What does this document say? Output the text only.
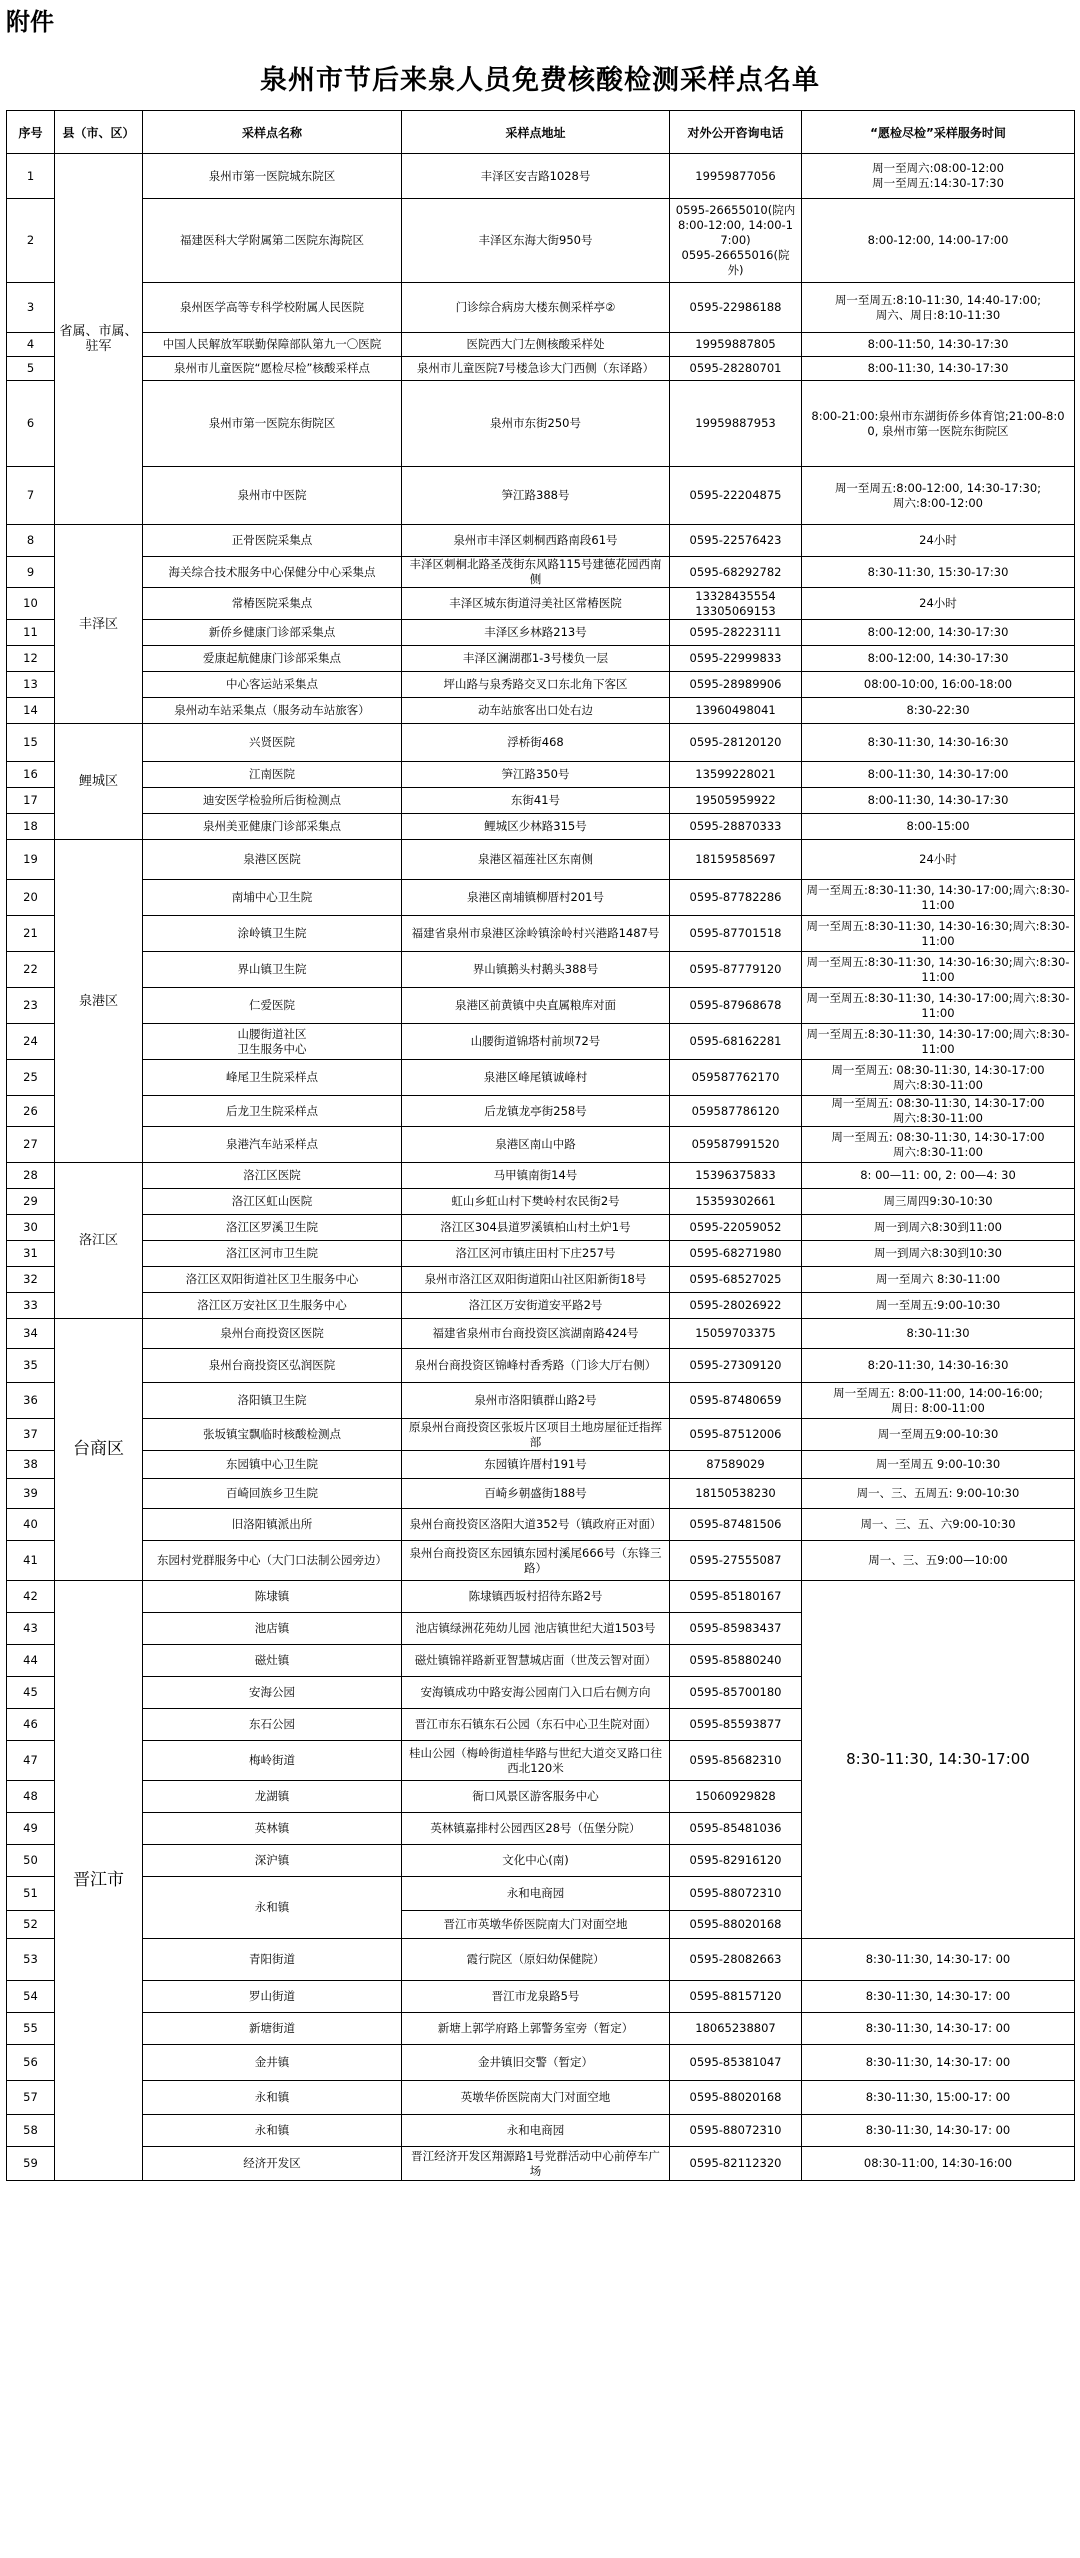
附件
泉州市节后来泉人员免费核酸检测采样点名单
序号	县（市、区）	采样点名称	采样点地址	对外公开咨询电话	“愿检尽检”采样服务时间
1	省属、市属、驻军	泉州市第一医院城东院区	丰泽区安吉路1028号	19959877056	周一至周六:08:00-12:00
周一至周五:14:30-17:30
2		福建医科大学附属第二医院东海院区	丰泽区东海大街950号	0595-26655010(院内8:00-12:00, 14:00-17:00)
0595-26655016(院外)	8:00-12:00, 14:00-17:00
3		泉州医学高等专科学校附属人民医院	门诊综合病房大楼东侧采样亭②	0595-22986188	周一至周五:8:10-11:30, 14:40-17:00;
周六、周日:8:10-11:30
4		中国人民解放军联勤保障部队第九一〇医院	医院西大门左侧核酸采样处	19959887805	8:00-11:50, 14:30-17:30
5		泉州市儿童医院“愿检尽检”核酸采样点	泉州市儿童医院7号楼急诊大门西侧（东译路）	0595-28280701	8:00-11:30, 14:30-17:30
6		泉州市第一医院东街院区	泉州市东街250号	19959887953	8:00-21:00:泉州市东湖街侨乡体育馆;21:00-8:00, 泉州市第一医院东街院区
7		泉州市中医院	笋江路388号	0595-22204875	周一至周五:8:00-12:00, 14:30-17:30;
周六:8:00-12:00
8	丰泽区	正骨医院采集点	泉州市丰泽区刺桐西路南段61号	0595-22576423	24小时
9		海关综合技术服务中心保健分中心采集点	丰泽区刺桐北路圣茂街东风路115号建德花园西南侧	0595-68292782	8:30-11:30, 15:30-17:30
10		常椿医院采集点	丰泽区城东街道浔美社区常椿医院	13328435554
13305069153	24小时
11		新侨乡健康门诊部采集点	丰泽区乡林路213号	0595-28223111	8:00-12:00, 14:30-17:30
12		爱康起航健康门诊部采集点	丰泽区澜湖郡1-3号楼负一层	0595-22999833	8:00-12:00, 14:30-17:30
13		中心客运站采集点	坪山路与泉秀路交叉口东北角下客区	0595-28989906	08:00-10:00, 16:00-18:00
14		泉州动车站采集点（服务动车站旅客）	动车站旅客出口处右边	13960498041	8:30-22:30
15	鲤城区	兴贤医院	浮桥街468	0595-28120120	8:30-11:30, 14:30-16:30
16		江南医院	笋江路350号	13599228021	8:00-11:30, 14:30-17:00
17		迪安医学检验所后街检测点	东街41号	19505959922	8:00-11:30, 14:30-17:30
18		泉州美亚健康门诊部采集点	鲤城区少林路315号	0595-28870333	8:00-15:00
19	泉港区	泉港区医院	泉港区福莲社区东南侧	18159585697	24小时
20		南埔中心卫生院	泉港区南埔镇柳厝村201号	0595-87782286	周一至周五:8:30-11:30, 14:30-17:00;周六:8:30-11:00
21		涂岭镇卫生院	福建省泉州市泉港区涂岭镇涂岭村兴港路1487号	0595-87701518	周一至周五:8:30-11:30, 14:30-16:30;周六:8:30-11:00
22		界山镇卫生院	界山镇鹅头村鹅头388号	0595-87779120	周一至周五:8:30-11:30, 14:30-16:30;周六:8:30-11:00
23		仁爱医院	泉港区前黄镇中央直属粮库对面	0595-87968678	周一至周五:8:30-11:30, 14:30-17:00;周六:8:30-11:00
24		山腰街道社区
卫生服务中心	山腰街道锦塔村前坝72号	0595-68162281	周一至周五:8:30-11:30, 14:30-17:00;周六:8:30-11:00
25		峰尾卫生院采样点	泉港区峰尾镇诚峰村	059587762170	周一至周五: 08:30-11:30, 14:30-17:00
周六:8:30-11:00
26		后龙卫生院采样点	后龙镇龙亭街258号	059587786120	周一至周五: 08:30-11:30, 14:30-17:00
周六:8:30-11:00
27		泉港汽车站采样点	泉港区南山中路	059587991520	周一至周五: 08:30-11:30, 14:30-17:00
周六:8:30-11:00
28	洛江区	洛江区医院	马甲镇南街14号	15396375833	8: 00—11: 00, 2: 00—4: 30
29		洛江区虹山医院	虹山乡虹山村下樊岭村农民街2号	15359302661	周三周四9:30-10:30
30		洛江区罗溪卫生院	洛江区304县道罗溪镇柏山村土炉1号	0595-22059052	周一到周六8:30到11:00
31		洛江区河市卫生院	洛江区河市镇庄田村下庄257号	0595-68271980	周一到周六8:30到10:30
32		洛江区双阳街道社区卫生服务中心	泉州市洛江区双阳街道阳山社区阳新街18号	0595-68527025	周一至周六 8:30-11:00
33		洛江区万安社区卫生服务中心	洛江区万安街道安平路2号	0595-28026922	周一至周五:9:00-10:30
34	台商区	泉州台商投资区医院	福建省泉州市台商投资区滨湖南路424号	15059703375	8:30-11:30
35		泉州台商投资区弘润医院	泉州台商投资区锦峰村香秀路（门诊大厅右侧）	0595-27309120	8:20-11:30, 14:30-16:30
36		洛阳镇卫生院	泉州市洛阳镇群山路2号	0595-87480659	周一至周五: 8:00-11:00, 14:00-16:00;
周日: 8:00-11:00
37		张坂镇宝飘临时核酸检测点	原泉州台商投资区张坂片区项目土地房屋征迁指挥部	0595-87512006	周一至周五9:00-10:30
38		东园镇中心卫生院	东园镇许厝村191号	87589029	周一至周五 9:00-10:30
39		百崎回族乡卫生院	百崎乡朝盛街188号	18150538230	周一、三、五周五: 9:00-10:30
40		旧洛阳镇派出所	泉州台商投资区洛阳大道352号（镇政府正对面）	0595-87481506	周一、三、五、六9:00-10:30
41		东园村党群服务中心（大门口法制公园旁边）	泉州台商投资区东园镇东园村溪尾666号（东锋三路）	0595-27555087	周一、三、五9:00—10:00
42	晋江市	陈埭镇	陈埭镇西坂村招待东路2号	0595-85180167	8:30-11:30, 14:30-17:00
43		池店镇	池店镇绿洲花苑幼儿园 池店镇世纪大道1503号	0595-85983437	
44		磁灶镇	磁灶镇锦祥路新亚智慧城店面（世茂云智对面）	0595-85880240	
45		安海公园	安海镇成功中路安海公园南门入口后右侧方向	0595-85700180	
46		东石公园	晋江市东石镇东石公园（东石中心卫生院对面）	0595-85593877	
47		梅岭街道	桂山公园（梅岭街道桂华路与世纪大道交叉路口往西北120米	0595-85682310	
48		龙湖镇	衙口风景区游客服务中心	15060929828	
49		英林镇	英林镇嘉排村公园西区28号（伍堡分院）	0595-85481036	
50		深沪镇	文化中心(南)	0595-82916120	
51		永和镇	永和电商园	0595-88072310	
52			晋江市英墩华侨医院南大门对面空地	0595-88020168	
53		青阳街道	霞行院区（原妇幼保健院）	0595-28082663	8:30-11:30, 14:30-17: 00
54		罗山街道	晋江市龙泉路5号	0595-88157120	8:30-11:30, 14:30-17: 00
55		新塘街道	新塘上郭学府路上郭警务室旁（暂定）	18065238807	8:30-11:30, 14:30-17: 00
56		金井镇	金井镇旧交警（暂定）	0595-85381047	8:30-11:30, 14:30-17: 00
57		永和镇	英墩华侨医院南大门对面空地	0595-88020168	8:30-11:30, 15:00-17: 00
58		永和镇	永和电商园	0595-88072310	8:30-11:30, 14:30-17: 00
59		经济开发区	晋江经济开发区翔源路1号党群活动中心前停车广场	0595-82112320	08:30-11:00, 14:30-16:00
